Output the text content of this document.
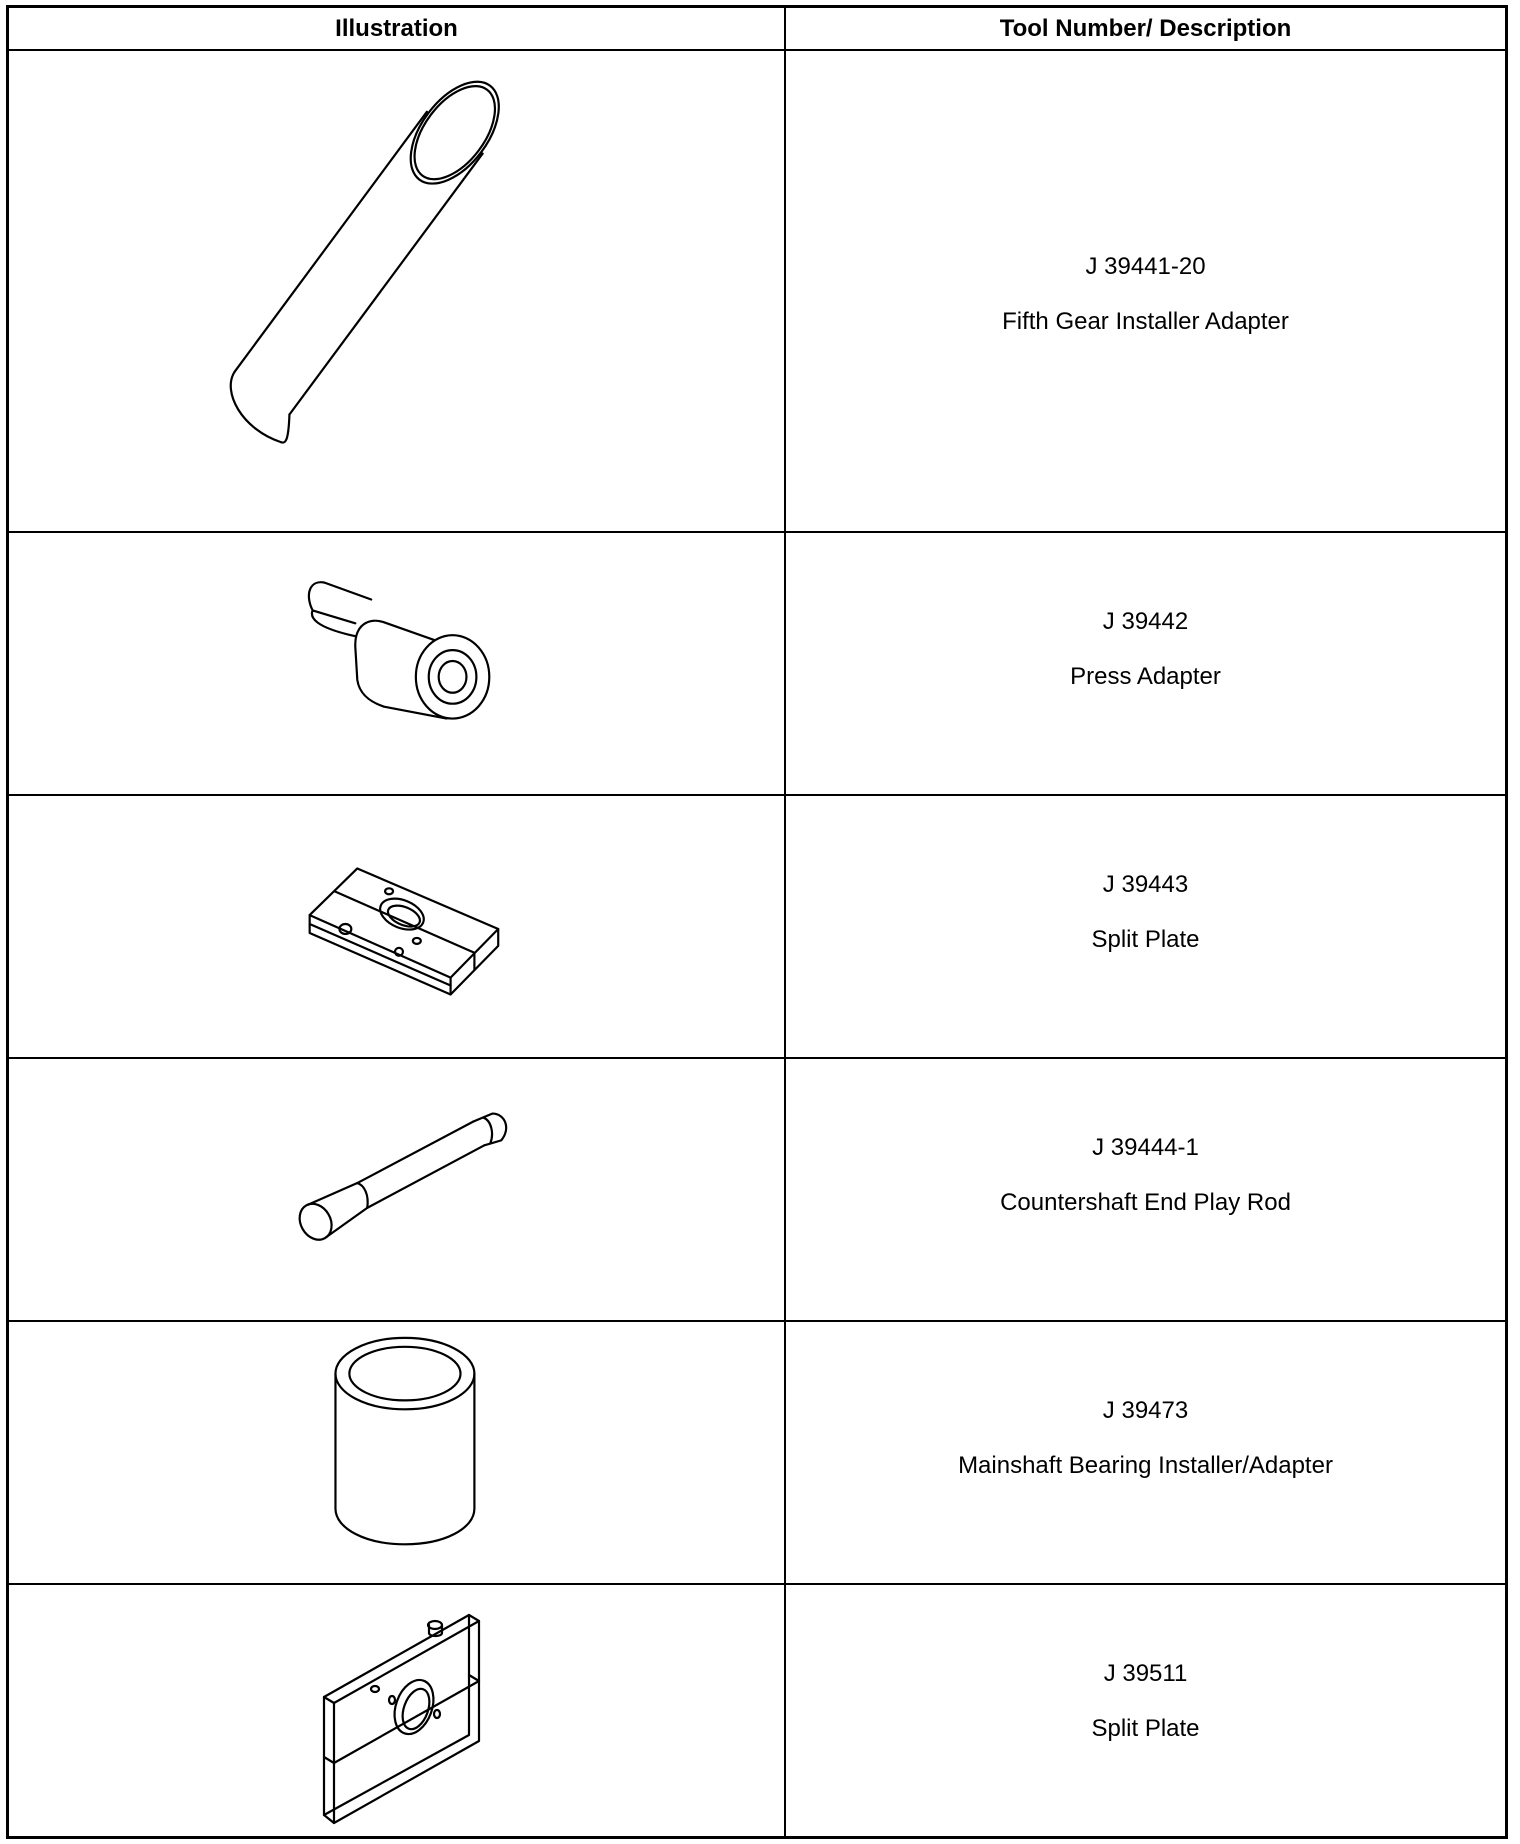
Illustration	Tool Number/ Description
J 39441-20
Fifth Gear Installer Adapter
J 39442
Press Adapter
J 39443
Split Plate
J 39444-1
Countershaft End Play Rod
J 39473
Mainshaft Bearing Installer/Adapter
J 39511
Split Plate
